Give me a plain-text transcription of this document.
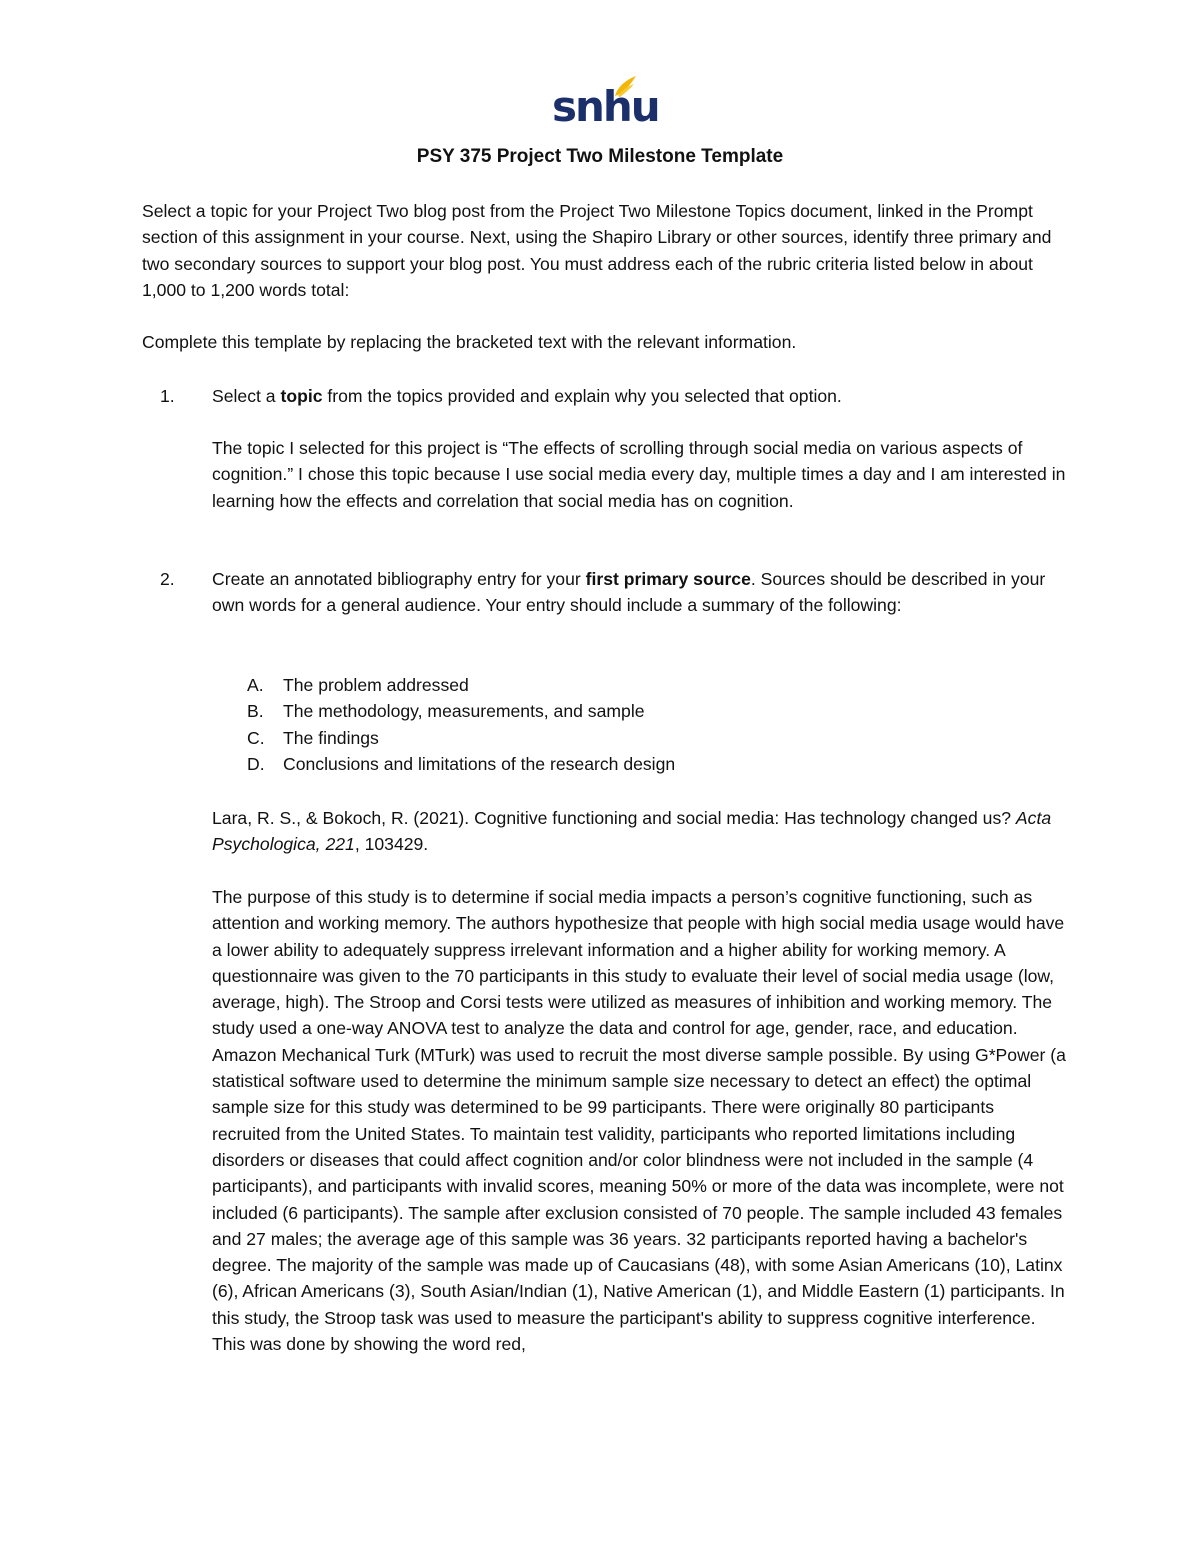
snhu
PSY 375 Project Two Milestone Template

Select a topic for your Project Two blog post from the Project Two Milestone Topics document, linked in the Prompt section of this assignment in your course. Next, using the Shapiro Library or other sources, identify three primary and two secondary sources to support your blog post. You must address each of the rubric criteria listed below in about 1,000 to 1,200 words total:

Complete this template by replacing the bracketed text with the relevant information.

1.	Select a topic from the topics provided and explain why you selected that option.

The topic I selected for this project is “The effects of scrolling through social media on various aspects of cognition.” I chose this topic because I use social media every day, multiple times a day and I am interested in learning how the effects and correlation that social media has on cognition.

2.	Create an annotated bibliography entry for your first primary source. Sources should be described in your own words for a general audience. Your entry should include a summary of the following:

A.	The problem addressed
B.	The methodology, measurements, and sample
C.	The findings
D.	Conclusions and limitations of the research design

Lara, R. S., & Bokoch, R. (2021). Cognitive functioning and social media: Has technology changed us? Acta Psychologica, 221, 103429.

The purpose of this study is to determine if social media impacts a person’s cognitive functioning, such as attention and working memory. The authors hypothesize that people with high social media usage would have a lower ability to adequately suppress irrelevant information and a higher ability for working memory. A questionnaire was given to the 70 participants in this study to evaluate their level of social media usage (low, average, high). The Stroop and Corsi tests were utilized as measures of inhibition and working memory. The study used a one-way ANOVA test to analyze the data and control for age, gender, race, and education. Amazon Mechanical Turk (MTurk) was used to recruit the most diverse sample possible. By using G*Power (a statistical software used to determine the minimum sample size necessary to detect an effect) the optimal sample size for this study was determined to be 99 participants. There were originally 80 participants recruited from the United States. To maintain test validity, participants who reported limitations including disorders or diseases that could affect cognition and/or color blindness were not included in the sample (4 participants), and participants with invalid scores, meaning 50% or more of the data was incomplete, were not included (6 participants). The sample after exclusion consisted of 70 people. The sample included 43 females and 27 males; the average age of this sample was 36 years. 32 participants reported having a bachelor's degree. The majority of the sample was made up of Caucasians (48), with some Asian Americans (10), Latinx (6), African Americans (3), South Asian/Indian (1), Native American (1), and Middle Eastern (1) participants. In this study, the Stroop task was used to measure the participant's ability to suppress cognitive interference. This was done by showing the word red,
